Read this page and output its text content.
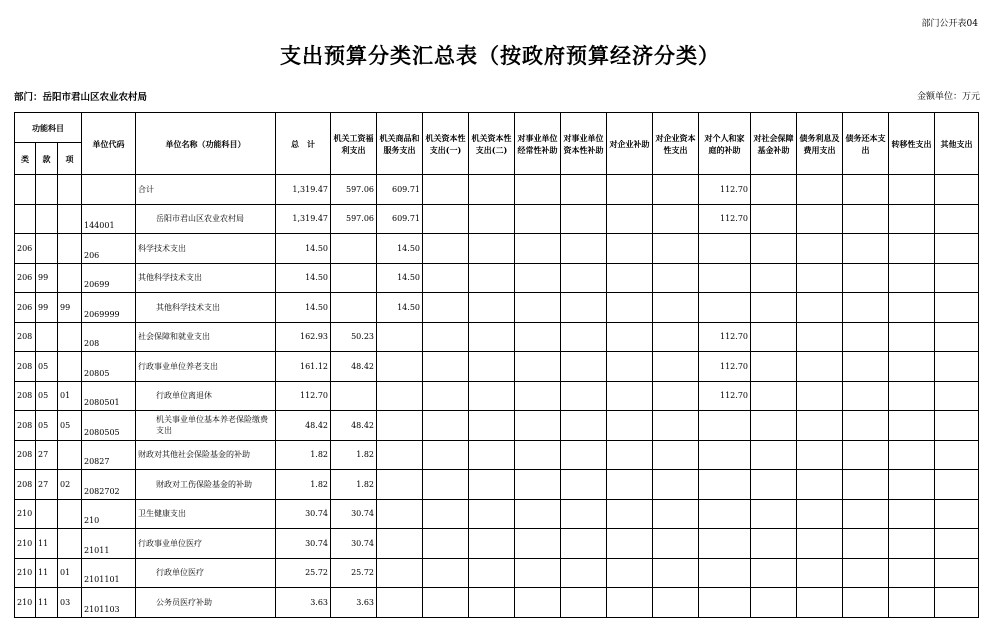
部门公开表04
支出预算分类汇总表（按政府预算经济分类）
部门：岳阳市君山区农业农村局	金额单位：万元
功能科目			单位代码	单位名称（功能科目）	总　计	机关工资福利支出	机关商品和服务支出	机关资本性支出(一)	机关资本性支出(二)	对事业单位经常性补助	对事业单位资本性补助	对企业补助	对企业资本性支出	对个人和家庭的补助	对社会保障基金补助	债务利息及费用支出	债务还本支出	转移性支出	其他支出
类	款	项																	
				合计	1,319.47	597.06	609.71							112.70					
			144001	岳阳市君山区农业农村局	1,319.47	597.06	609.71							112.70					
206			206	科学技术支出	14.50		14.50												
206	99		20699	其他科学技术支出	14.50		14.50												
206	99	99	2069999	其他科学技术支出	14.50		14.50												
208			208	社会保障和就业支出	162.93	50.23								112.70					
208	05		20805	行政事业单位养老支出	161.12	48.42								112.70					
208	05	01	2080501	行政单位离退休	112.70									112.70					
208	05	05	2080505	机关事业单位基本养老保险缴费支出	48.42	48.42													
208	27		20827	财政对其他社会保险基金的补助	1.82	1.82													
208	27	02	2082702	财政对工伤保险基金的补助	1.82	1.82													
210			210	卫生健康支出	30.74	30.74													
210	11		21011	行政事业单位医疗	30.74	30.74													
210	11	01	2101101	行政单位医疗	25.72	25.72													
210	11	03	2101103	公务员医疗补助	3.63	3.63													
